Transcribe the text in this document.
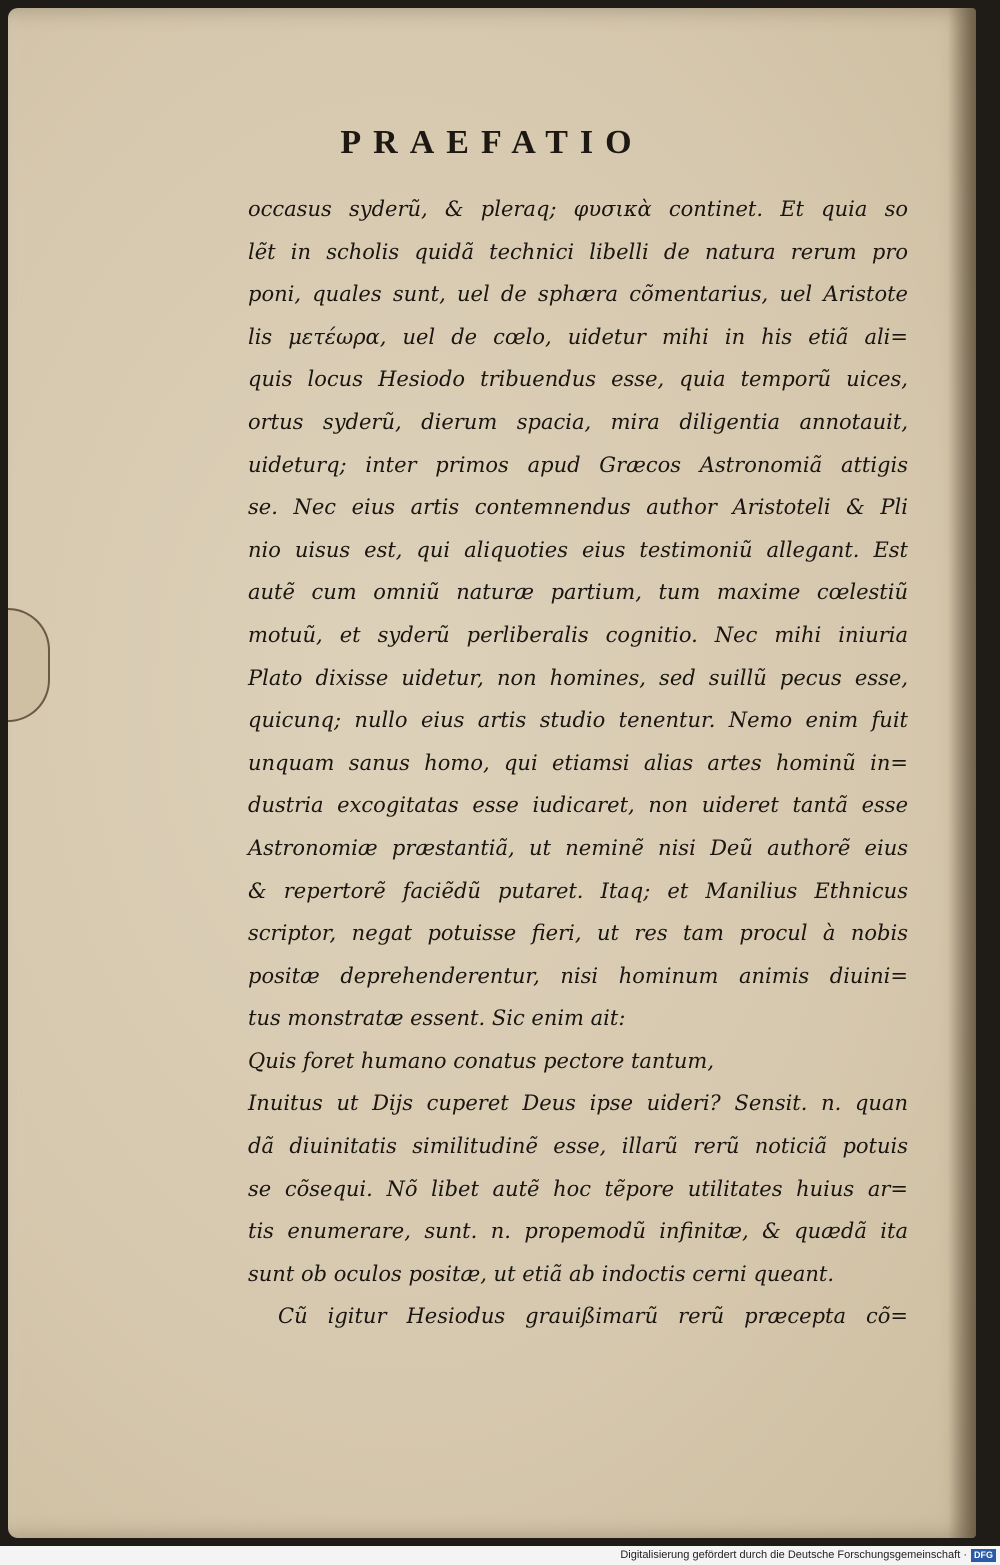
PRAEFATIO
occasus syderũ, & pleraq; φυσικὰ continet. Et quia so
lẽt in scholis quidã technici libelli de natura rerum pro
poni, quales sunt, uel de sphæra cõmentarius, uel Aristote
lis μετέωρα, uel de cœlo, uidetur mihi in his etiã ali=
quis locus Hesiodo tribuendus esse, quia temporũ uices,
ortus syderũ, dierum spacia, mira diligentia annotauit,
uideturq; inter primos apud Græcos Astronomiã attigis
se. Nec eius artis contemnendus author Aristoteli & Pli
nio uisus est, qui aliquoties eius testimoniũ allegant. Est
autẽ cum omniũ naturæ partium, tum maxime cœlestiũ
motuũ, et syderũ perliberalis cognitio. Nec mihi iniuria
Plato dixisse uidetur, non homines, sed suillũ pecus esse,
quicunq; nullo eius artis studio tenentur. Nemo enim fuit
unquam sanus homo, qui etiamsi alias artes hominũ in=
dustria excogitatas esse iudicaret, non uideret tantã esse
Astronomiæ præstantiã, ut neminẽ nisi Deũ authorẽ eius
& repertorẽ faciẽdũ putaret. Itaq; et Manilius Ethnicus
scriptor, negat potuisse fieri, ut res tam procul à nobis
positæ deprehenderentur, nisi hominum animis diuini=
tus monstratæ essent. Sic enim ait:
Quis foret humano conatus pectore tantum,
Inuitus ut Dijs cuperet Deus ipse uideri? Sensit. n. quan
dã diuinitatis similitudinẽ esse, illarũ rerũ noticiã potuis
se cõsequi. Nõ libet autẽ hoc tẽpore utilitates huius ar=
tis enumerare, sunt. n. propemodũ infinitæ, & quædã ita
sunt ob oculos positæ, ut etiã ab indoctis cerni queant.
Cũ igitur Hesiodus grauißimarũ rerũ præcepta cõ=
Digitalisierung gefördert durch die Deutsche Forschungsgemeinschaft · DFG
